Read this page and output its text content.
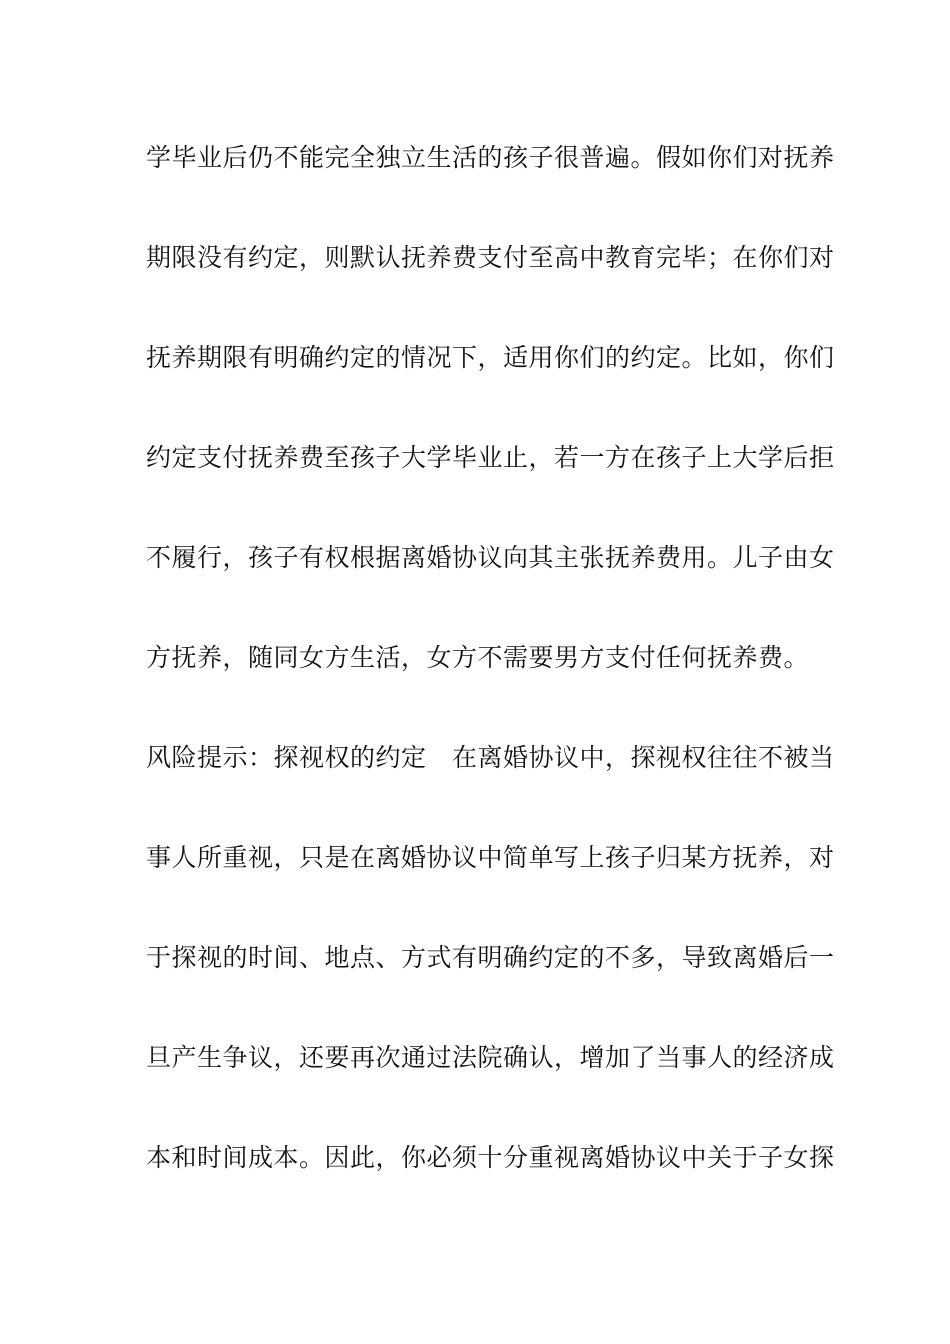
学毕业后仍不能完全独立生活的孩子很普遍。假如你们对抚养
期限没有约定，则默认抚养费支付至高中教育完毕；在你们对
抚养期限有明确约定的情况下，适用你们的约定。比如，你们
约定支付抚养费至孩子大学毕业止，若一方在孩子上大学后拒
不履行，孩子有权根据离婚协议向其主张抚养费用。儿子由女
方抚养，随同女方生活，女方不需要男方支付任何抚养费。
风险提示：探视权的约定　在离婚协议中，探视权往往不被当
事人所重视，只是在离婚协议中简单写上孩子归某方抚养，对
于探视的时间、地点、方式有明确约定的不多，导致离婚后一
旦产生争议，还要再次通过法院确认，增加了当事人的经济成
本和时间成本。因此，你必须十分重视离婚协议中关于子女探
